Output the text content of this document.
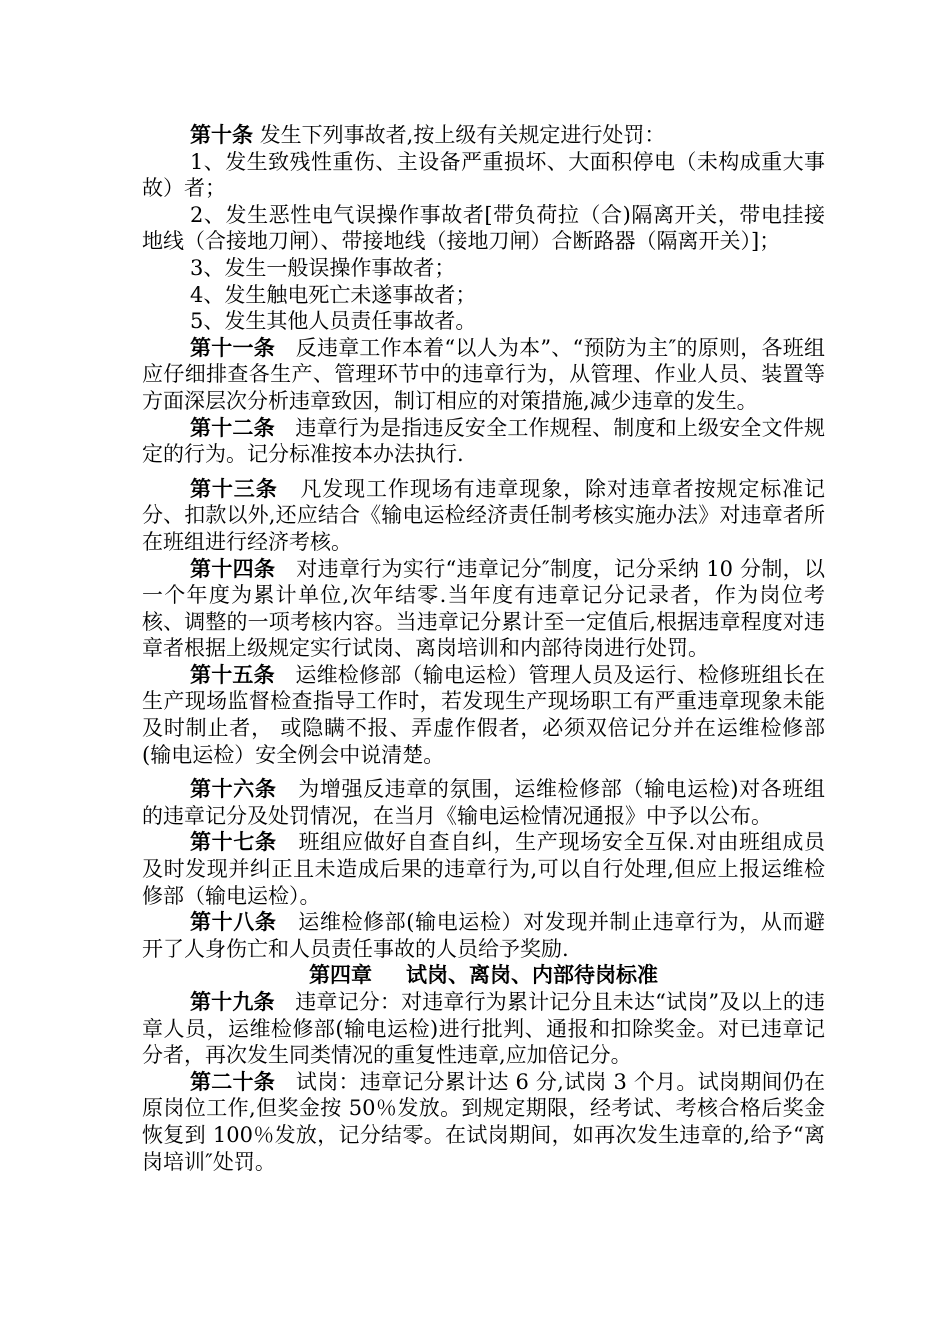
第十条 发生下列事故者,按上级有关规定进行处罚：

1、发生致残性重伤、主设备严重损坏、大面积停电（未构成重大事故）者；

2、发生恶性电气误操作事故者[带负荷拉（合)隔离开关，带电挂接地线（合接地刀闸）、带接地线（接地刀闸）合断路器（隔离开关）]；

3、发生一般误操作事故者；

4、发生触电死亡未遂事故者；

5、发生其他人员责任事故者。

第十一条 反违章工作本着“以人为本”、“预防为主″的原则，各班组应仔细排查各生产、管理环节中的违章行为，从管理、作业人员、装置等方面深层次分析违章致因，制订相应的对策措施,减少违章的发生。

第十二条 违章行为是指违反安全工作规程、制度和上级安全文件规定的行为。记分标准按本办法执行.

第十三条 凡发现工作现场有违章现象，除对违章者按规定标准记分、扣款以外,还应结合《输电运检经济责任制考核实施办法》对违章者所在班组进行经济考核。

第十四条 对违章行为实行“违章记分″制度，记分采纳 10 分制，以一个年度为累计单位,次年结零.当年度有违章记分记录者，作为岗位考核、调整的一项考核内容。当违章记分累计至一定值后,根据违章程度对违章者根据上级规定实行试岗、离岗培训和内部待岗进行处罚。

第十五条 运维检修部（输电运检）管理人员及运行、检修班组长在生产现场监督检查指导工作时，若发现生产现场职工有严重违章现象未能及时制止者， 或隐瞒不报、弄虚作假者，必须双倍记分并在运维检修部(输电运检）安全例会中说清楚。

第十六条 为增强反违章的氛围，运维检修部（输电运检)对各班组的违章记分及处罚情况，在当月《输电运检情况通报》中予以公布。

第十七条 班组应做好自查自纠，生产现场安全互保.对由班组成员及时发现并纠正且未造成后果的违章行为,可以自行处理,但应上报运维检修部（输电运检）。

第十八条 运维检修部(输电运检）对发现并制止违章行为，从而避开了人身伤亡和人员责任事故的人员给予奖励.

第四章 试岗、离岗、内部待岗标准

第十九条 违章记分：对违章行为累计记分且未达“试岗”及以上的违章人员，运维检修部(输电运检)进行批判、通报和扣除奖金。对已违章记分者，再次发生同类情况的重复性违章,应加倍记分。

第二十条 试岗：违章记分累计达 6 分,试岗 3 个月。试岗期间仍在原岗位工作,但奖金按 50％发放。到规定期限，经考试、考核合格后奖金恢复到 100％发放，记分结零。在试岗期间，如再次发生违章的,给予“离岗培训″处罚。
